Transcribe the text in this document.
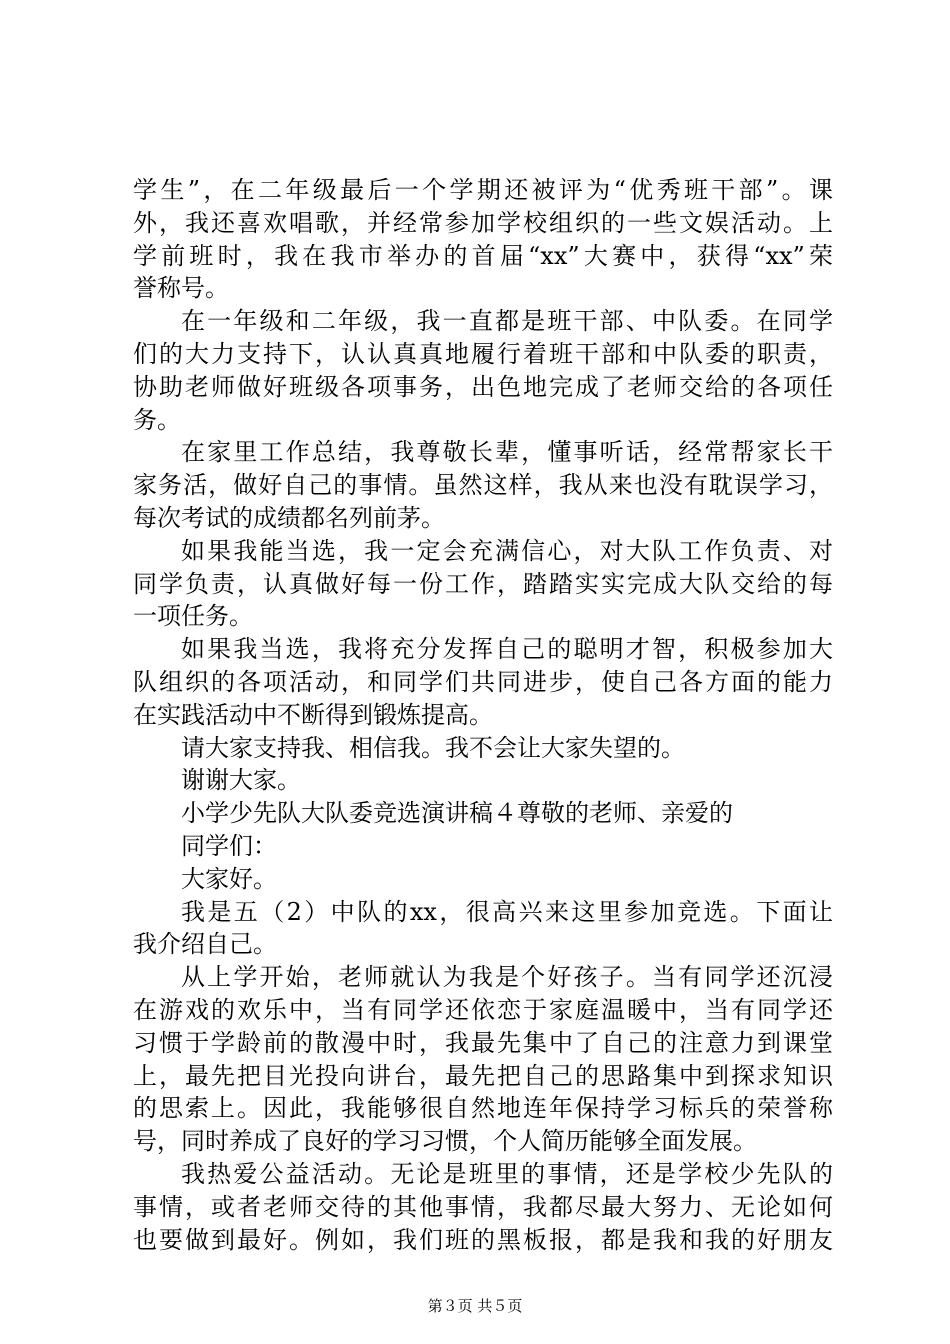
学生”，在二年级最后一个学期还被评为“优秀班干部”。课
外，我还喜欢唱歌，并经常参加学校组织的一些文娱活动。上
学前班时，我在我市举办的首届“xx”大赛中，获得“xx”荣
誉称号。
在一年级和二年级，我一直都是班干部、中队委。在同学
们的大力支持下，认认真真地履行着班干部和中队委的职责，
协助老师做好班级各项事务，出色地完成了老师交给的各项任
务。
在家里工作总结，我尊敬长辈，懂事听话，经常帮家长干
家务活，做好自己的事情。虽然这样，我从来也没有耽误学习，
每次考试的成绩都名列前茅。
如果我能当选，我一定会充满信心，对大队工作负责、对
同学负责，认真做好每一份工作，踏踏实实完成大队交给的每
一项任务。
如果我当选，我将充分发挥自己的聪明才智，积极参加大
队组织的各项活动，和同学们共同进步，使自己各方面的能力
在实践活动中不断得到锻炼提高。
请大家支持我、相信我。我不会让大家失望的。
谢谢大家。
小学少先队大队委竞选演讲稿４尊敬的老师、亲爱的
同学们：
大家好。
我是五（2）中队的xx，很高兴来这里参加竞选。下面让
我介绍自己。
从上学开始，老师就认为我是个好孩子。当有同学还沉浸
在游戏的欢乐中，当有同学还依恋于家庭温暖中，当有同学还
习惯于学龄前的散漫中时，我最先集中了自己的注意力到课堂
上，最先把目光投向讲台，最先把自己的思路集中到探求知识
的思索上。因此，我能够很自然地连年保持学习标兵的荣誉称
号，同时养成了良好的学习习惯，个人简历能够全面发展。
我热爱公益活动。无论是班里的事情，还是学校少先队的
事情，或者老师交待的其他事情，我都尽最大努力、无论如何
也要做到最好。例如，我们班的黑板报，都是我和我的好朋友
第３页 共５页
